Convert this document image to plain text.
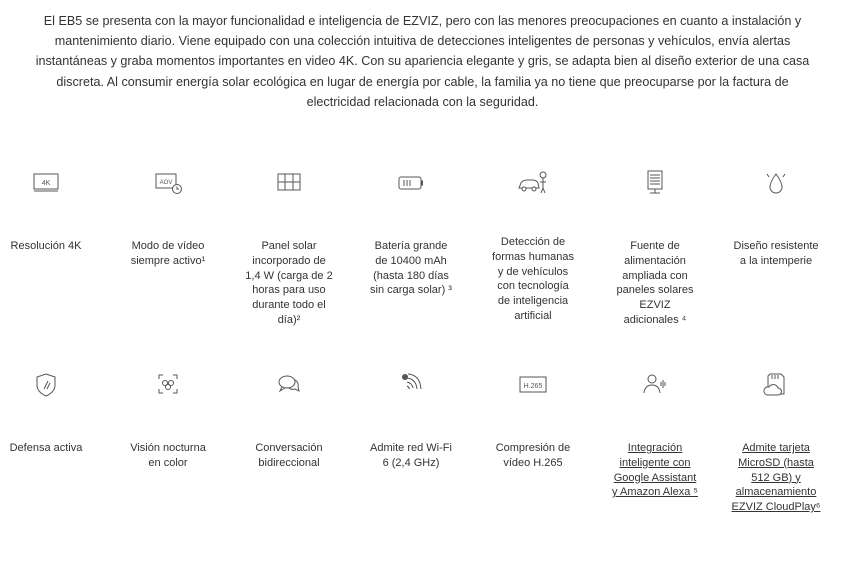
El EB5 se presenta con la mayor funcionalidad e inteligencia de EZVIZ, pero con las menores preocupaciones en cuanto a instalación y

mantenimiento diario. Viene equipado con una colección intuitiva de detecciones inteligentes de personas y vehículos, envía alertas

instantáneas y graba momentos importantes en video 4K. Con su apariencia elegante y gris, se adapta bien al diseño exterior de una casa

discreta. Al consumir energía solar ecológica en lugar de energía por cable, la familia ya no tiene que preocuparse por la factura de

electricidad relacionada con la seguridad.

4K
Resolución 4K
AOV
Modo de vídeo
siempre activo¹
Panel solar
incorporado de
1,4 W (carga de 2
horas para uso
durante todo el
día)²
Batería grande
de 10400 mAh
(hasta 180 días
sin carga solar) ³
Detección de
formas humanas
y de vehículos
con tecnología
de inteligencia
artificial
Fuente de
alimentación
ampliada con
paneles solares
EZVIZ
adicionales ⁴
Diseño resistente
a la intemperie
Defensa activa	Visión nocturna
en color
Conversación
bidireccional
Admite red Wi-Fi
6 (2,4 GHz)
H.265
Compresión de
vídeo H.265
Integración
inteligente con
Google Assistant
y Amazon Alexa ⁵
Admite tarjeta
MicroSD (hasta
512 GB) y
almacenamiento
EZVIZ CloudPlay⁶
